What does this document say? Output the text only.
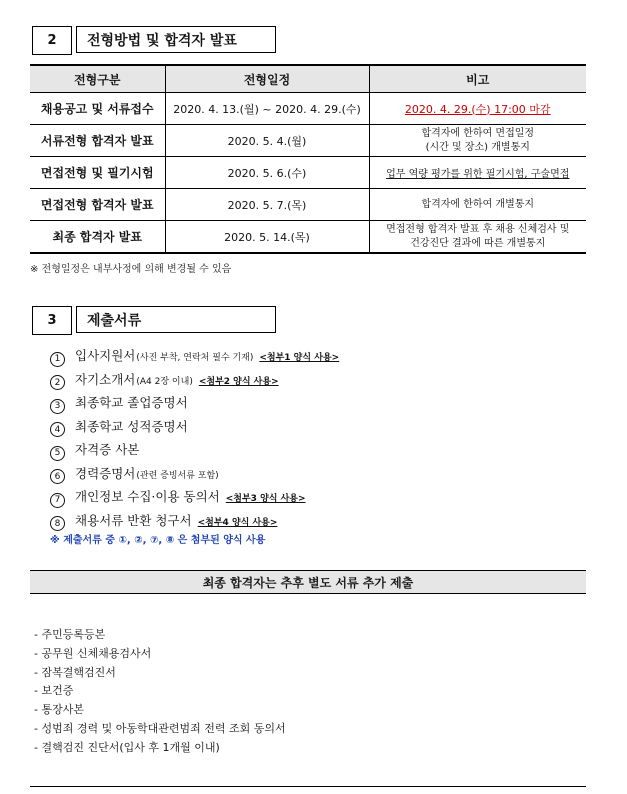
2	전형방법 및 합격자 발표
전형구분	전형일정	비고
채용공고 및 서류접수	2020. 4. 13.(월) ~ 2020. 4. 29.(수)	2020. 4. 29.(수) 17:00 마감
서류전형 합격자 발표	2020. 5. 4.(월)	합격자에 한하여 면접일정
(시간 및 장소) 개별통지

면접전형 및 필기시험	2020. 5. 6.(수)	업무 역량 평가를 위한 필기시험, 구술면접
면접전형 합격자 발표	2020. 5. 7.(목)	합격자에 한하여 개별통지
최종 합격자 발표	2020. 5. 14.(목)	면접전형 합격자 발표 후 채용 신체검사 및
건강진단 결과에 따른 개별통지
※ 전형일정은 내부사정에 의해 변경될 수 있음
3	제출서류
1	입사지원서 (사진 부착, 연락처 필수 기재) <첨부1 양식 사용>
2	자기소개서 (A4 2장 이내) <첨부2 양식 사용>
3	최종학교 졸업증명서
4	최종학교 성적증명서
5	자격증 사본
6	경력증명서 (관련 증빙서류 포함)
7	개인정보 수집·이용 동의서 <첨부3 양식 사용>
8	채용서류 반환 청구서 <첨부4 양식 사용>
※ 제출서류 중 ①, ②, ⑦, ⑧ 은 첨부된 양식 사용
최종 합격자는 추후 별도 서류 추가 제출
- 주민등록등본
- 공무원 신체채용검사서
- 잠복결핵검진서
- 보건증
- 통장사본
- 성범죄 경력 및 아동학대관련범죄 전력 조회 동의서
- 결핵검진 진단서(입사 후 1개월 이내)
